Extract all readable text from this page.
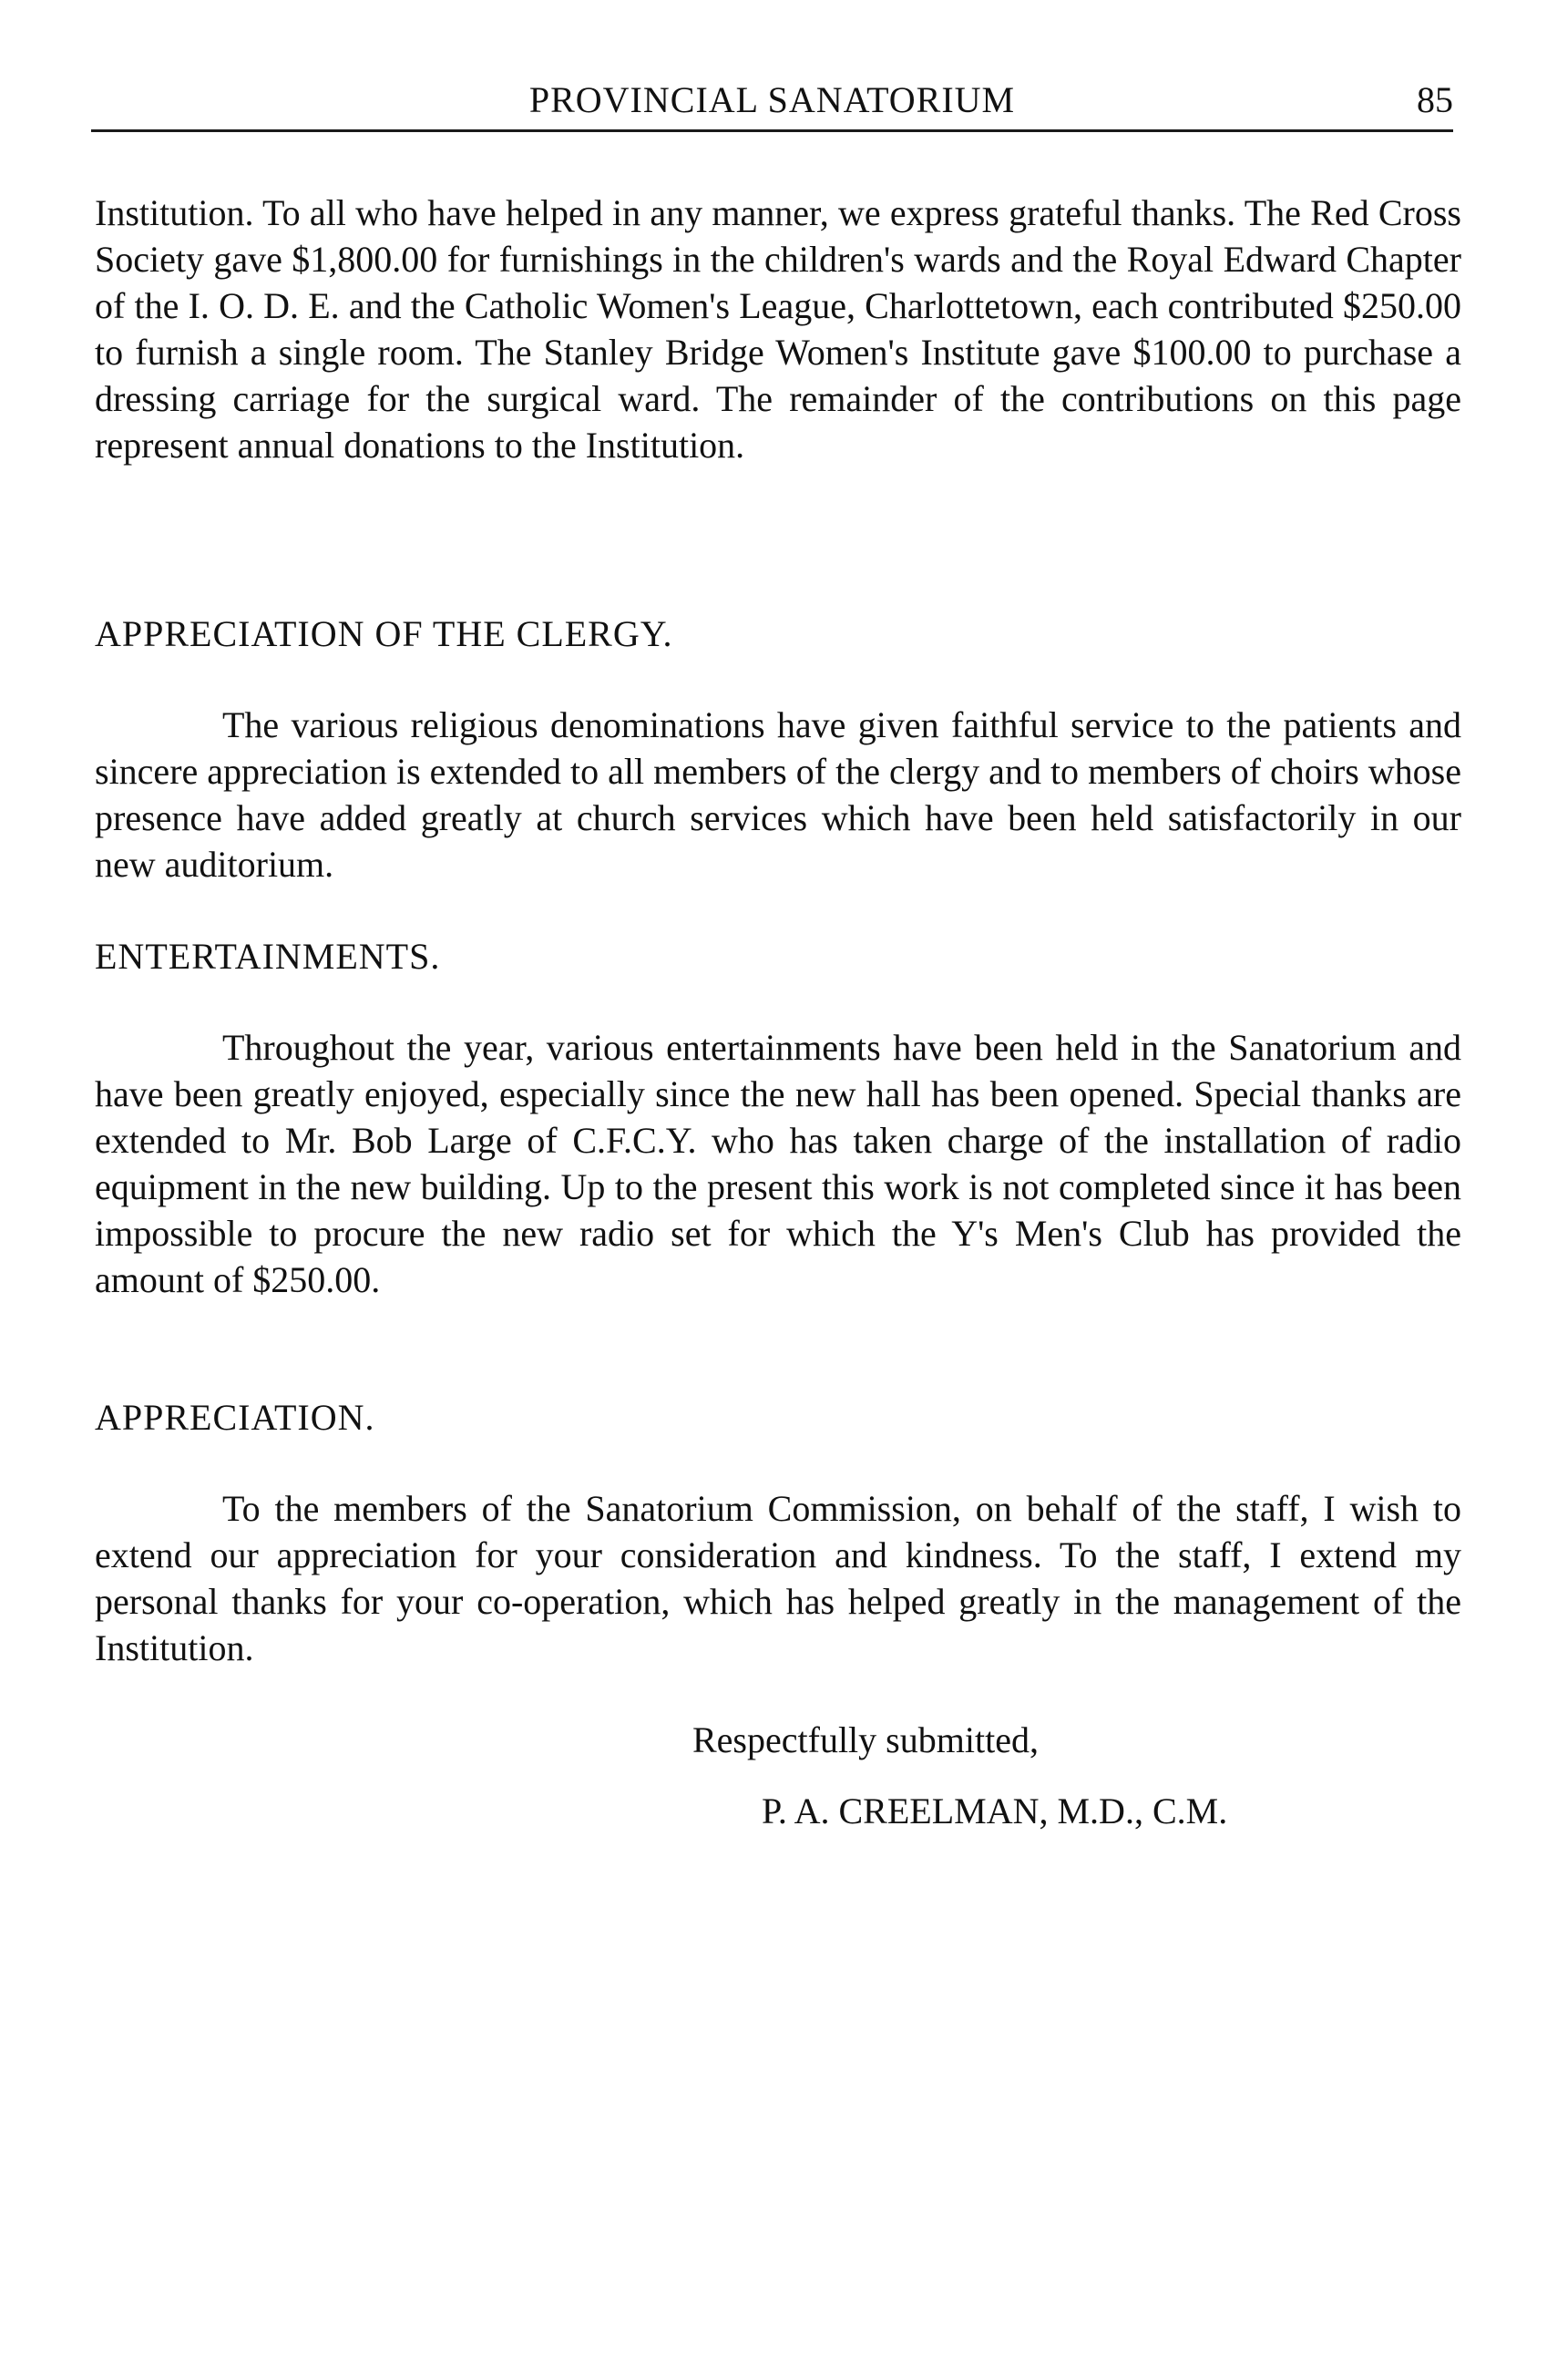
PROVINCIAL SANATORIUM	85

Institution. To all who have helped in any manner, we express grateful thanks. The Red Cross Society gave $1,800.00 for furnishings in the children's wards and the Royal Edward Chapter of the I. O. D. E. and the Catholic Women's League, Charlottetown, each contributed $250.00 to furnish a single room. The Stanley Bridge Women's Institute gave $100.00 to purchase a dressing carriage for the surgical ward. The remainder of the contributions on this page represent annual donations to the Institution.

APPRECIATION OF THE CLERGY.

The various religious denominations have given faithful service to the patients and sincere appreciation is extended to all members of the clergy and to members of choirs whose presence have added greatly at church services which have been held satisfactorily in our new auditorium.

ENTERTAINMENTS.

Throughout the year, various entertainments have been held in the Sanatorium and have been greatly enjoyed, especially since the new hall has been opened. Special thanks are extended to Mr. Bob Large of C.F.C.Y. who has taken charge of the installation of radio equipment in the new building. Up to the present this work is not completed since it has been impossible to procure the new radio set for which the Y's Men's Club has provided the amount of $250.00.

APPRECIATION.

To the members of the Sanatorium Commission, on behalf of the staff, I wish to extend our appreciation for your consideration and kindness. To the staff, I extend my personal thanks for your co-operation, which has helped greatly in the management of the Institution.

Respectfully submitted,

P. A. CREELMAN, M.D., C.M.
